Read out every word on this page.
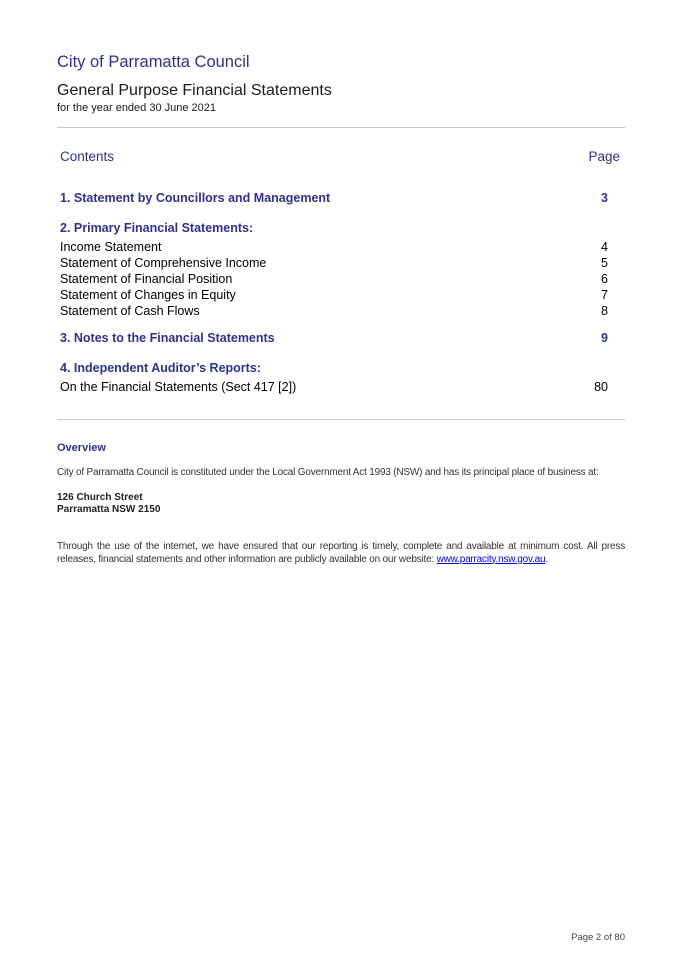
City of Parramatta Council
General Purpose Financial Statements
for the year ended 30 June 2021
Contents	Page
1. Statement by Councillors and Management	3
2. Primary Financial Statements:
Income Statement	4
Statement of Comprehensive Income	5
Statement of Financial Position	6
Statement of Changes in Equity	7
Statement of Cash Flows	8
3. Notes to the Financial Statements	9
4. Independent Auditor’s Reports:
On the Financial Statements (Sect 417 [2])	80
Overview
City of Parramatta Council is constituted under the Local Government Act 1993 (NSW) and has its principal place of business at:
126 Church Street
Parramatta NSW 2150
Through the use of the internet, we have ensured that our reporting is timely, complete and available at minimum cost. All press releases, financial statements and other information are publicly available on our website: www.parracity.nsw.gov.au.
Page 2 of 80
